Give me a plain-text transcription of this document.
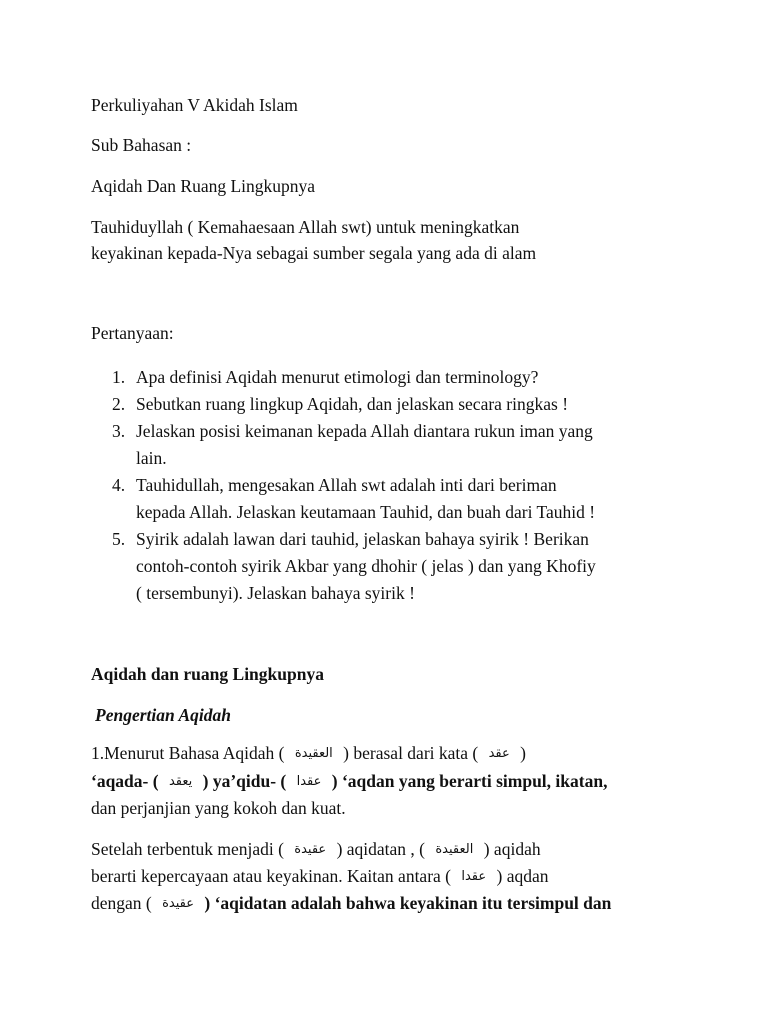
Perkuliyahan V Akidah Islam
Sub Bahasan :
Aqidah Dan Ruang Lingkupnya
Tauhiduyllah ( Kemahaesaan Allah swt) untuk meningkatkan
keyakinan kepada-Nya sebagai sumber segala yang ada di alam
Pertanyaan:
1. Apa definisi Aqidah menurut etimologi dan terminology?
2. Sebutkan ruang lingkup Aqidah, dan jelaskan secara ringkas !
3. Jelaskan posisi keimanan kepada Allah diantara rukun iman yang
lain.
4. Tauhidullah, mengesakan Allah swt adalah inti dari beriman
kepada Allah. Jelaskan keutamaan Tauhid, dan buah dari Tauhid !
5. Syirik adalah lawan dari tauhid, jelaskan bahaya syirik ! Berikan
contoh-contoh syirik Akbar yang dhohir ( jelas ) dan yang Khofiy
( tersembunyi). Jelaskan bahaya syirik !
Aqidah dan ruang Lingkupnya
Pengertian Aqidah
1.Menurut Bahasa Aqidah ( العقيدة ) berasal dari kata ( عقد )
‘aqada- ( يعقد ) ya’qidu- ( عقدا ) ‘aqdan yang berarti simpul, ikatan,
dan perjanjian yang kokoh dan kuat.
Setelah terbentuk menjadi ( عقيدة ) aqidatan , ( العقيدة ) aqidah
berarti kepercayaan atau keyakinan. Kaitan antara ( عقدا ) aqdan
dengan ( عقيدة ) ‘aqidatan adalah bahwa keyakinan itu tersimpul dan
